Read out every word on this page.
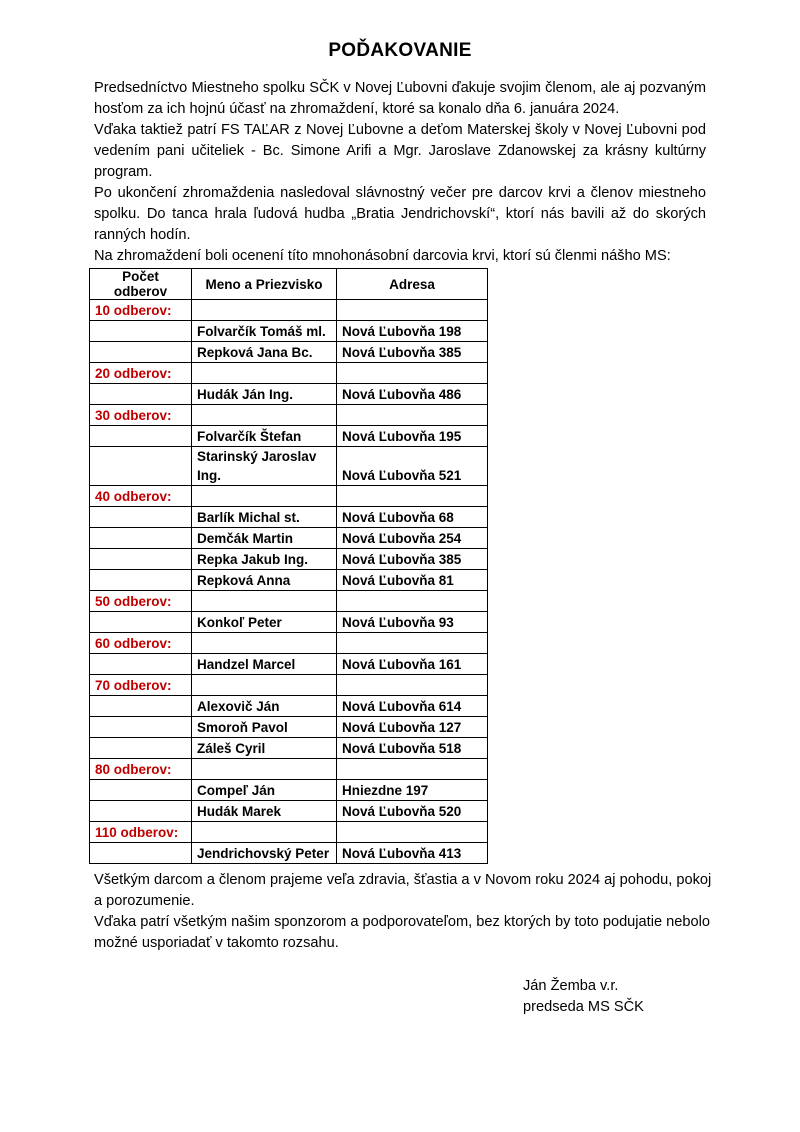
POĎAKOVANIE

Predsedníctvo Miestneho spolku SČK v Novej Ľubovni ďakuje svojim členom, ale aj pozvaným hosťom za ich hojnú účasť na zhromaždení, ktoré sa konalo dňa 6. januára 2024.

Vďaka taktiež patrí FS TAĽAR z Novej Ľubovne a deťom Materskej školy v Novej Ľubovni pod vedením pani učiteliek - Bc. Simone Arifi a Mgr. Jaroslave Zdanowskej za krásny kultúrny program.

Po ukončení zhromaždenia nasledoval slávnostný večer pre darcov krvi a členov miestneho spolku. Do tanca hrala ľudová hudba „Bratia Jendrichovskí“, ktorí nás bavili až do skorých ranných hodín.

Na zhromaždení boli ocenení títo mnohonásobní darcovia krvi, ktorí sú členmi nášho MS:

Počet odberov	Meno a Priezvisko	Adresa
10 odberov:		
	Folvarčík Tomáš ml.	Nová Ľubovňa 198
	Repková Jana Bc.	Nová Ľubovňa 385
20 odberov:		
	Hudák Ján Ing.	Nová Ľubovňa 486
30 odberov:		
	Folvarčík Štefan	Nová Ľubovňa 195
	Starinský Jaroslav Ing.	Nová Ľubovňa 521
40 odberov:		
	Barlík Michal st.	Nová Ľubovňa 68
	Demčák Martin	Nová Ľubovňa 254
	Repka Jakub Ing.	Nová Ľubovňa 385
	Repková Anna	Nová Ľubovňa 81
50 odberov:		
	Konkoľ Peter	Nová Ľubovňa 93
60 odberov:		
	Handzel Marcel	Nová Ľubovňa 161
70 odberov:		
	Alexovič Ján	Nová Ľubovňa 614
	Smoroň Pavol	Nová Ľubovňa 127
	Záleš Cyril	Nová Ľubovňa 518
80 odberov:		
	Compeľ Ján	Hniezdne 197
	Hudák Marek	Nová Ľubovňa 520
110 odberov:		
	Jendrichovský Peter	Nová Ľubovňa 413

Všetkým darcom a členom prajeme veľa zdravia, šťastia a v Novom roku 2024 aj pohodu, pokoj a porozumenie.

Vďaka patrí všetkým našim sponzorom a podporovateľom, bez ktorých by toto podujatie nebolo možné usporiadať v takomto rozsahu.

Ján Žemba v.r.
predseda MS SČK
